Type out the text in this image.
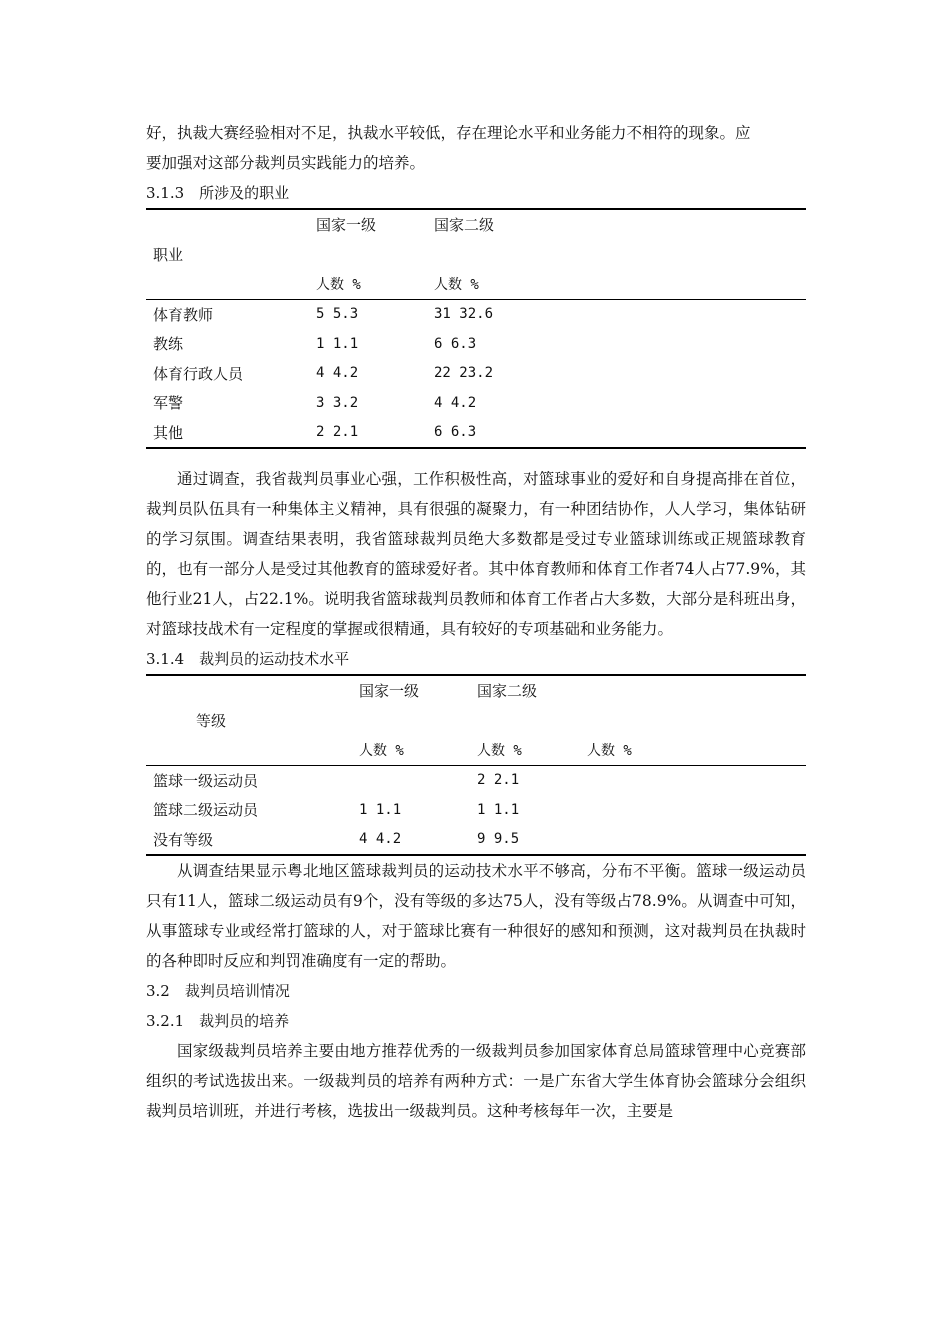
好，执裁大赛经验相对不足，执裁水平较低，存在理论水平和业务能力不相符的现象。应

要加强对这部分裁判员实践能力的培养。

3.1.3　所涉及的职业
	国家一级	国家二级	
职业			
	人数 %	人数 %	
体育教师	5 5.3	31 32.6	
教练	1 1.1	6 6.3	
体育行政人员	4 4.2	22 23.2	
军警	3 3.2	4 4.2	
其他	2 2.1	6 6.3	

通过调查，我省裁判员事业心强，工作积极性高，对篮球事业的爱好和自身提高排在首位，裁判员队伍具有一种集体主义精神，具有很强的凝聚力，有一种团结协作，人人学习，集体钻研的学习氛围。调查结果表明，我省篮球裁判员绝大多数都是受过专业篮球训练或正规篮球教育的，也有一部分人是受过其他教育的篮球爱好者。其中体育教师和体育工作者74人占77.9%，其他行业21人，占22.1%。说明我省篮球裁判员教师和体育工作者占大多数，大部分是科班出身，对篮球技战术有一定程度的掌握或很精通，具有较好的专项基础和业务能力。

3.1.4　裁判员的运动技术水平
	国家一级	国家二级	
等级			
	人数 %	人数 %	人数 %
篮球一级运动员		2 2.1	
篮球二级运动员	1 1.1	1 1.1	
没有等级	4 4.2	9 9.5	

从调查结果显示粤北地区篮球裁判员的运动技术水平不够高，分布不平衡。篮球一级运动员只有11人，篮球二级运动员有9个，没有等级的多达75人，没有等级占78.9%。从调查中可知，从事篮球专业或经常打篮球的人，对于篮球比赛有一种很好的感知和预测，这对裁判员在执裁时的各种即时反应和判罚准确度有一定的帮助。

3.2　裁判员培训情况
3.2.1　裁判员的培养

国家级裁判员培养主要由地方推荐优秀的一级裁判员参加国家体育总局篮球管理中心竞赛部组织的考试选拔出来。一级裁判员的培养有两种方式：一是广东省大学生体育协会篮球分会组织裁判员培训班，并进行考核，选拔出一级裁判员。这种考核每年一次，主要是
